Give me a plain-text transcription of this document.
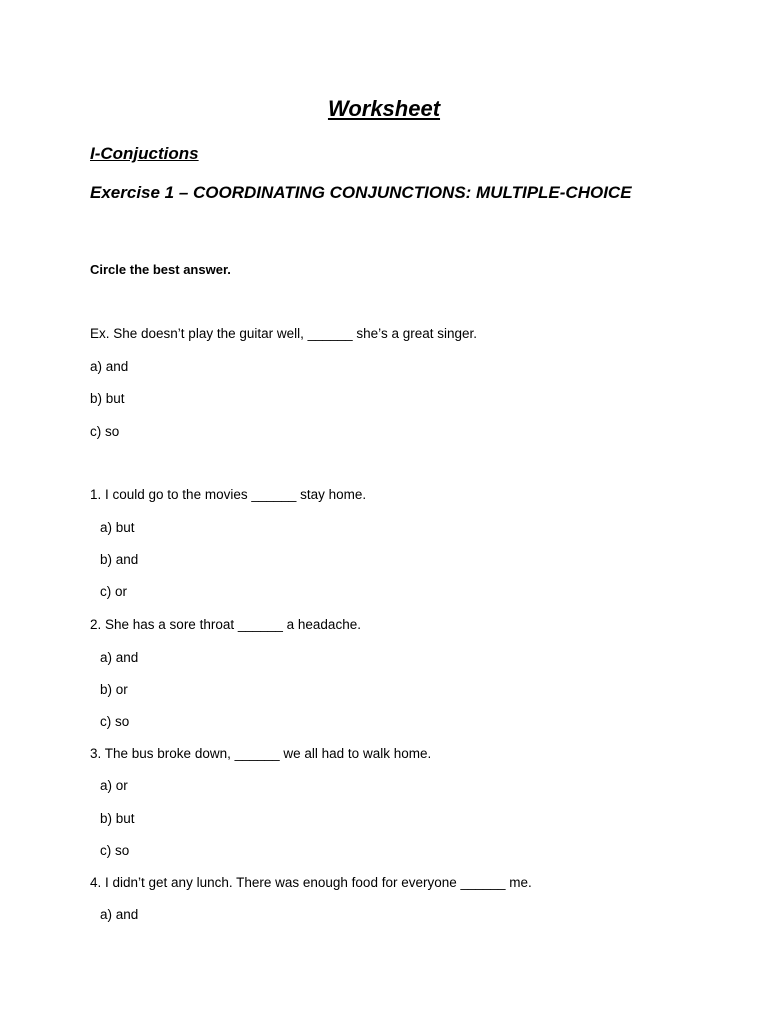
Worksheet
I-Conjuctions
Exercise 1 – COORDINATING CONJUNCTIONS: MULTIPLE-CHOICE
Circle the best answer.
Ex. She doesn’t play the guitar well, ______ she’s a great singer.
a) and
b) but
c) so
1. I could go to the movies ______ stay home.
a) but
b) and
c) or
2. She has a sore throat ______ a headache.
a) and
b) or
c) so
3. The bus broke down, ______ we all had to walk home.
a) or
b) but
c) so
4. I didn’t get any lunch. There was enough food for everyone ______ me.
a) and
